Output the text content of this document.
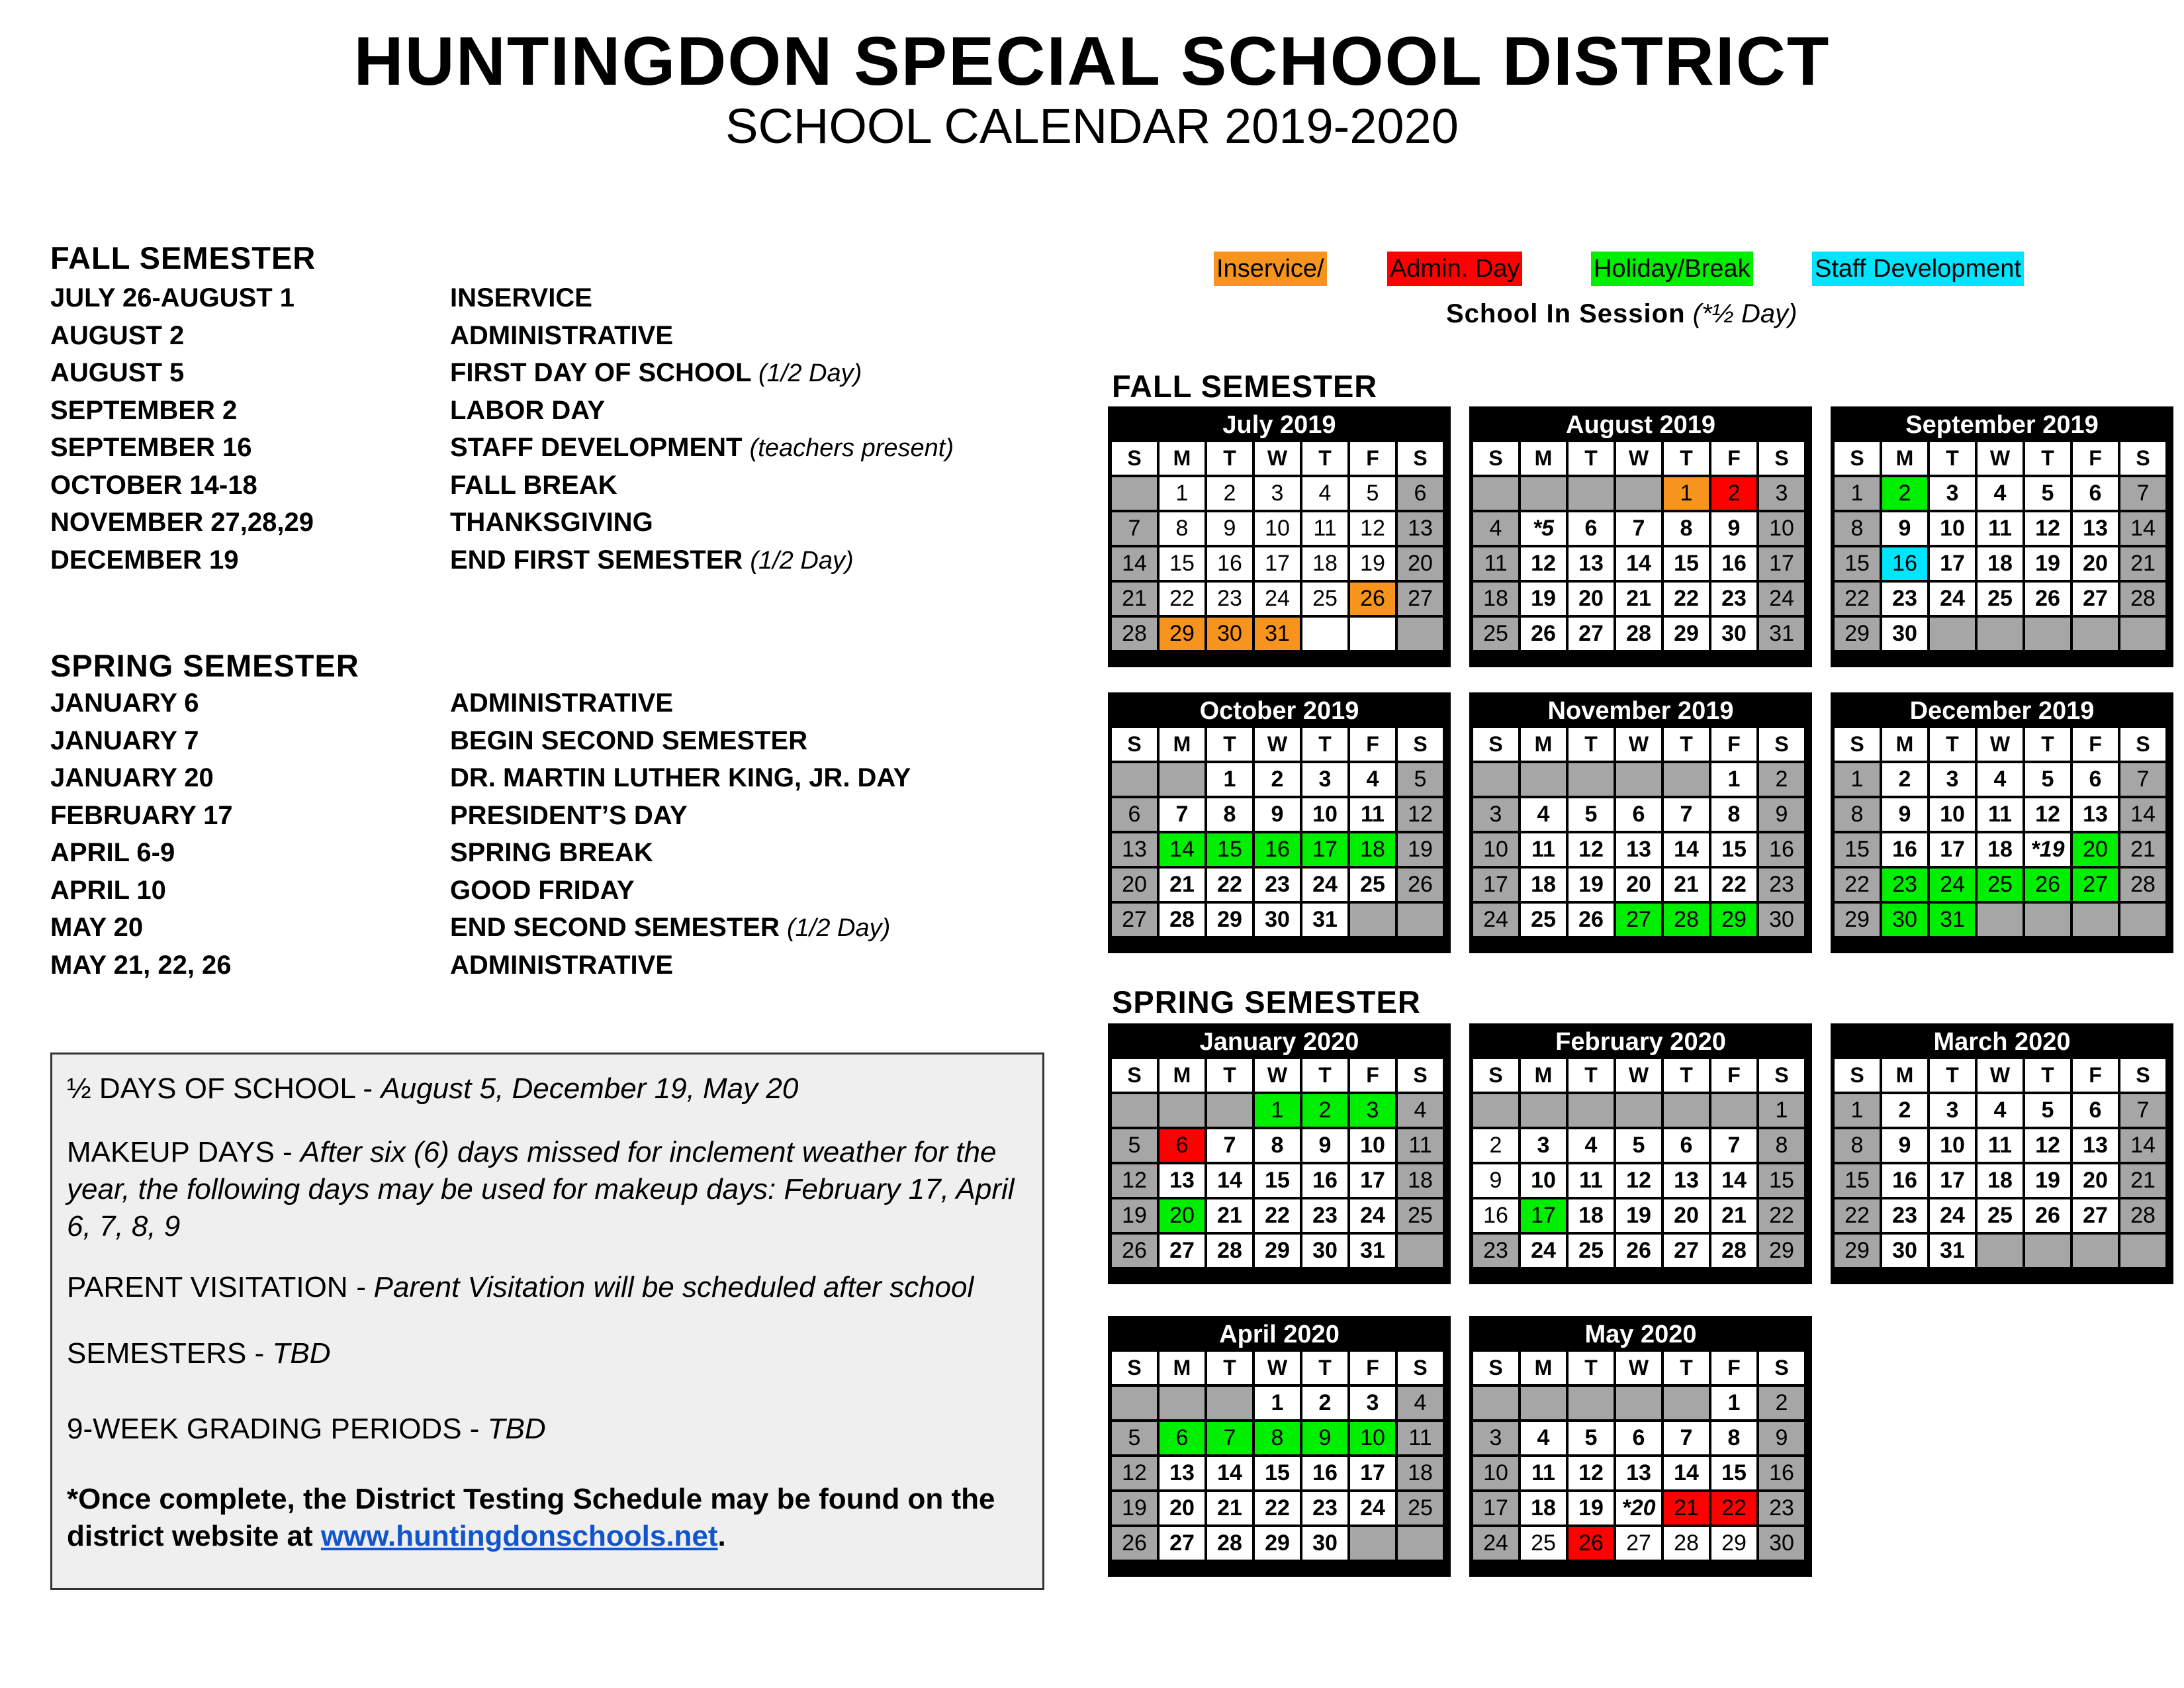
HUNTINGDON SPECIAL SCHOOL DISTRICT
SCHOOL CALENDAR 2019-2020
FALL SEMESTER
JULY 26-AUGUST 1	INSERVICE
AUGUST 2	ADMINISTRATIVE
AUGUST 5	FIRST DAY OF SCHOOL (1/2 Day)
SEPTEMBER 2	LABOR DAY
SEPTEMBER 16	STAFF DEVELOPMENT (teachers present)
OCTOBER 14-18	FALL BREAK
NOVEMBER 27,28,29	THANKSGIVING
DECEMBER 19	END FIRST SEMESTER (1/2 Day)
SPRING SEMESTER
JANUARY 6	ADMINISTRATIVE
JANUARY 7	BEGIN SECOND SEMESTER
JANUARY 20	DR. MARTIN LUTHER KING, JR. DAY
FEBRUARY 17	PRESIDENT’S DAY
APRIL 6-9	SPRING BREAK
APRIL 10	GOOD FRIDAY
MAY 20	END SECOND SEMESTER (1/2 Day)
MAY 21, 22, 26	ADMINISTRATIVE
Inservice/	Admin. Day	Holiday/Break	Staff Development
School In Session (*½ Day)
FALL SEMESTER
SPRING SEMESTER
July 2019
S	M	T	W	T	F	S
	1	2	3	4	5	6
7	8	9	10	11	12	13
14	15	16	17	18	19	20
21	22	23	24	25	26	27
28	29	30	31			
August 2019
S	M	T	W	T	F	S
				1	2	3
4	*5	6	7	8	9	10
11	12	13	14	15	16	17
18	19	20	21	22	23	24
25	26	27	28	29	30	31
September 2019
S	M	T	W	T	F	S
1	2	3	4	5	6	7
8	9	10	11	12	13	14
15	16	17	18	19	20	21
22	23	24	25	26	27	28
29	30					
October 2019
S	M	T	W	T	F	S
		1	2	3	4	5
6	7	8	9	10	11	12
13	14	15	16	17	18	19
20	21	22	23	24	25	26
27	28	29	30	31		
November 2019
S	M	T	W	T	F	S
					1	2
3	4	5	6	7	8	9
10	11	12	13	14	15	16
17	18	19	20	21	22	23
24	25	26	27	28	29	30
December 2019
S	M	T	W	T	F	S
1	2	3	4	5	6	7
8	9	10	11	12	13	14
15	16	17	18	*19	20	21
22	23	24	25	26	27	28
29	30	31				
January 2020
S	M	T	W	T	F	S
			1	2	3	4
5	6	7	8	9	10	11
12	13	14	15	16	17	18
19	20	21	22	23	24	25
26	27	28	29	30	31	
February 2020
S	M	T	W	T	F	S
						1
2	3	4	5	6	7	8
9	10	11	12	13	14	15
16	17	18	19	20	21	22
23	24	25	26	27	28	29
March 2020
S	M	T	W	T	F	S
1	2	3	4	5	6	7
8	9	10	11	12	13	14
15	16	17	18	19	20	21
22	23	24	25	26	27	28
29	30	31				
April 2020
S	M	T	W	T	F	S
			1	2	3	4
5	6	7	8	9	10	11
12	13	14	15	16	17	18
19	20	21	22	23	24	25
26	27	28	29	30		
May 2020
S	M	T	W	T	F	S
					1	2
3	4	5	6	7	8	9
10	11	12	13	14	15	16
17	18	19	*20	21	22	23
24	25	26	27	28	29	30
½ DAYS OF SCHOOL - August 5, December 19, May 20
MAKEUP DAYS - After six (6) days missed for inclement weather for the year, the following days may be used for makeup days: February 17, April 6, 7, 8, 9
PARENT VISITATION - Parent Visitation will be scheduled after school
SEMESTERS - TBD
9-WEEK GRADING PERIODS - TBD
*Once complete, the District Testing Schedule may be found on the district website at www.huntingdonschools.net.
